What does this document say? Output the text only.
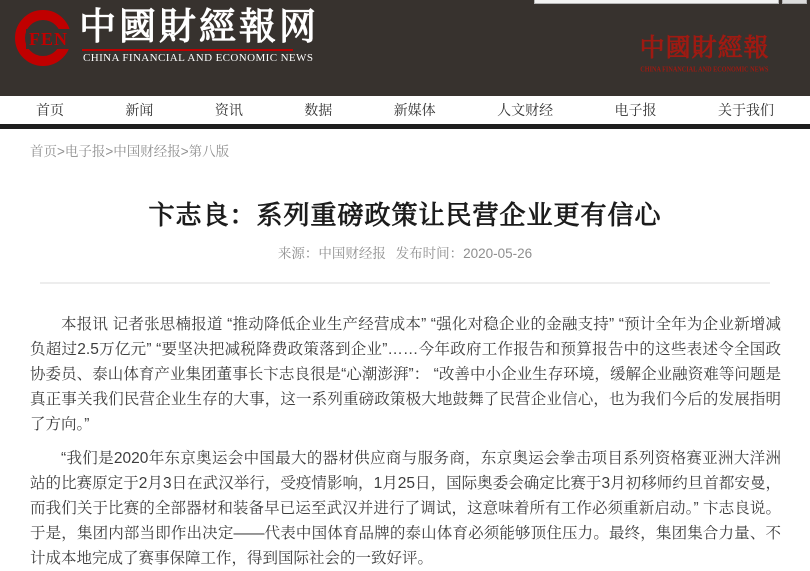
FEN 中國財經報网
CHINA FINANCIAL AND ECONOMIC NEWS	中國財經報
CHINA FINANCIAL AND ECONOMIC NEWS
首页	新闻	资讯	数据	新媒体	人文财经	电子报	关于我们
首页>电子报>中国财经报>第八版
卞志良：系列重磅政策让民营企业更有信心
来源：中国财经报 发布时间：2020-05-26

本报讯 记者张思楠报道 “推动降低企业生产经营成本” “强化对稳企业的金融支持” “预计全年为企业新增减负超过2.5万亿元” “要坚决把减税降费政策落到企业”……今年政府工作报告和预算报告中的这些表述令全国政协委员、泰山体育产业集团董事长卞志良很是“心潮澎湃”： “改善中小企业生存环境，缓解企业融资难等问题是真正事关我们民营企业生存的大事，这一系列重磅政策极大地鼓舞了民营企业信心，也为我们今后的发展指明了方向。”

“我们是2020年东京奥运会中国最大的器材供应商与服务商，东京奥运会拳击项目系列资格赛亚洲大洋洲站的比赛原定于2月3日在武汉举行，受疫情影响，1月25日，国际奥委会确定比赛于3月初移师约旦首都安曼，而我们关于比赛的全部器材和装备早已运至武汉并进行了调试，这意味着所有工作必须重新启动。” 卞志良说。于是，集团内部当即作出决定——代表中国体育品牌的泰山体育必须能够顶住压力。最终，集团集合力量、不计成本地完成了赛事保障工作，得到国际社会的一致好评。
